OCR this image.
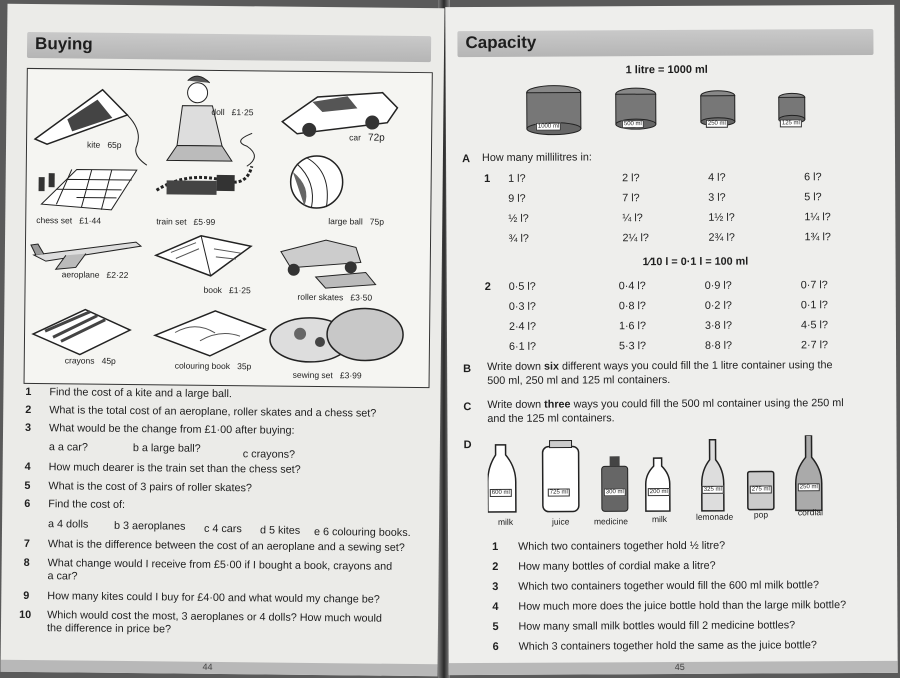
Buying
kite 65p
doll £1·25
car 72p
chess set £1·44	train set £5·99	large ball 75p
aeroplane £2·22
book £1·25
roller skates £3·50
crayons 45p	colouring book 35p
sewing set £3·99
1 Find the cost of a kite and a large ball.
2 What is the total cost of an aeroplane, roller skates and a chess set?
3 What would be the change from £1·00 after buying:
a a car?	b a large ball?	c crayons?
4 How much dearer is the train set than the chess set?
5 What is the cost of 3 pairs of roller skates?
6 Find the cost of:
a 4 dolls b 3 aeroplanes c 4 cars d 5 kites e 6 colouring books.
7 What is the difference between the cost of an aeroplane and a sewing set?
8 What change would I receive from £5·00 if I bought a book, crayons and
a car?
9 How many kites could I buy for £4·00 and what would my change be?
10 Which would cost the most, 3 aeroplanes or 4 dolls? How much would
the difference in price be?
44
Capacity
1 litre = 1000 ml
1000 ml	500 ml	250 ml	125 ml
A How many millilitres in:
1 1 l?	2 l?	4 l?	6 l?
9 l?	7 l?	3 l?	5 l?
½ l?	¼ l?	1½ l?	1¼ l?
¾ l?	2¼ l?	2¾ l?	1¾ l?
1⁄10 l = 0·1 l = 100 ml
2 0·5 l?	0·4 l?	0·9 l?	0·7 l?
0·3 l?	0·8 l?	0·2 l?	0·1 l?
2·4 l?	1·6 l?	3·8 l?	4·5 l?
6·1 l?	5·3 l?	8·8 l?	2·7 l?
B Write down six different ways you could fill the 1 litre container using the
500 ml, 250 ml and 125 ml containers.
C Write down three ways you could fill the 500 ml container using the 250 ml
and the 125 ml containers.
D
600 ml	725 ml	300 ml	200 ml	325 ml	275 ml	250 ml
milk	juice	medicine	milk	lemonade pop	cordial
1 Which two containers together hold ½ litre?
2 How many bottles of cordial make a litre?
3 Which two containers together would fill the 600 ml milk bottle?
4 How much more does the juice bottle hold than the large milk bottle?
5 How many small milk bottles would fill 2 medicine bottles?
6 Which 3 containers together hold the same as the juice bottle?
45
